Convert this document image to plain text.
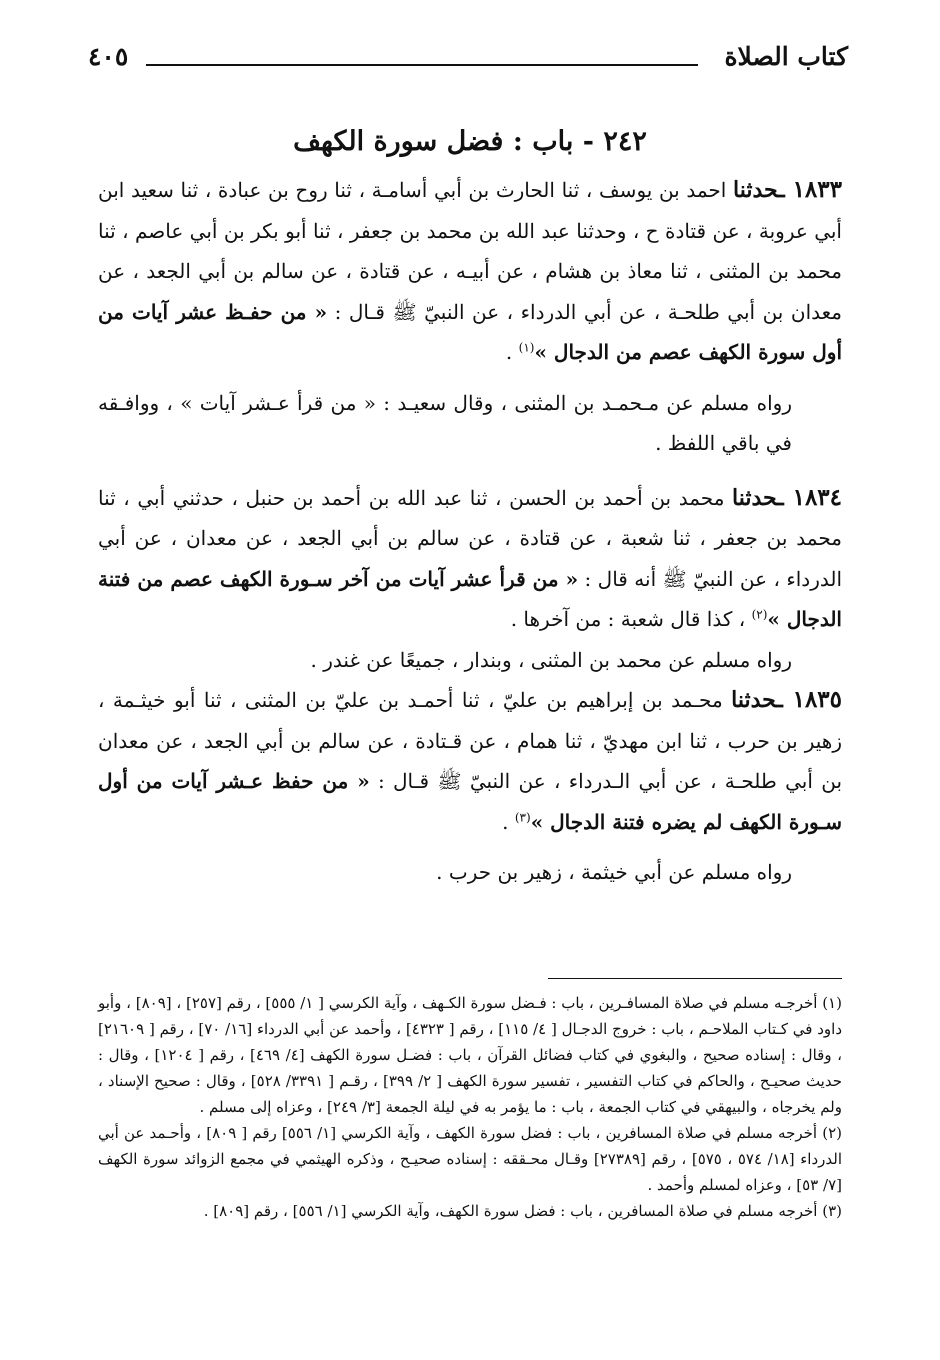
كتاب الصلاة
٤٠٥
٢٤٢ - باب : فضل سورة الكهف

١٨٣٣ ـحدثنا احمد بن يوسف ، ثنا الحارث بن أبي أسامـة ، ثنا روح بن عبادة ، ثنا سعيد ابن أبي عروبة ، عن قتادة ح ، وحدثنا عبد الله بن محمد بن جعفر ، ثنا أبو بكر بن أبي عاصم ، ثنا محمد بن المثنى ، ثنا معاذ بن هشام ، عن أبيـه ، عن قتادة ، عن سالم بن أبي الجعد ، عن معدان بن أبي طلحـة ، عن أبي الدرداء ، عن النبيّ ﷺ قـال : « من حفـظ عشر آيات من أول سورة الكهف عصم من الدجال »$^{(١)}$ .

رواه مسلم عن مـحمـد بن المثنى ، وقال سعيـد : « من قرأ عـشر آيات » ، ووافـقه في باقي اللفظ .

١٨٣٤ ـحدثنا محمد بن أحمد بن الحسن ، ثنا عبد الله بن أحمد بن حنبل ، حدثني أبي ، ثنا محمد بن جعفر ، ثنا شعبة ، عن قتادة ، عن سالم بن أبي الجعد ، عن معدان ، عن أبي الدرداء ، عن النبيّ ﷺ أنه قال : « من قرأ عشر آيات من آخر سـورة الكهف عصم من فتنة الدجال »$^{(٢)}$ ، كذا قال شعبة : من آخرها .

رواه مسلم عن محمد بن المثنى ، وبندار ، جميعًا عن غندر .

١٨٣٥ ـحدثنا محـمد بن إبراهيم بن عليّ ، ثنا أحمـد بن عليّ بن المثنى ، ثنا أبو خيثـمة ، زهير بن حرب ، ثنا ابن مهديّ ، ثنا همام ، عن قـتادة ، عن سالم بن أبي الجعد ، عن معدان بن أبي طلحـة ، عن أبي الـدرداء ، عن النبيّ ﷺ قـال : « من حفظ عـشر آيات من أول سـورة الكهف لم يضره فتنة الدجال »$^{(٣)}$ .

رواه مسلم عن أبي خيثمة ، زهير بن حرب .

(١) أخرجـه مسلم في صلاة المسافـرين ، باب : فـضل سورة الكـهف ، وآية الكرسي [ ١/ ٥٥٥] ، رقم [٢٥٧] ، [٨٠٩] ، وأبو داود في كـتاب الملاحـم ، باب : خروج الدجـال [ ٤/ ١١٥] ، رقم [ ٤٣٢٣] ، وأحمد عن أبي الدرداء [١٦/ ٧٠] ، رقم [ ٢١٦٠٩] ، وقال : إسناده صحيح ، والبغوي في كتاب فضائل القرآن ، باب : فضـل سورة الكهف [٤/ ٤٦٩] ، رقم [ ١٢٠٤] ، وقال : حديث صحيـح ، والحاكم في كتاب التفسير ، تفسير سورة الكهف [ ٢/ ٣٩٩] ، رقـم [ ٣٣٩١/ ٥٢٨] ، وقال : صحيح الإسناد ، ولم يخرجاه ، والبيهقي في كتاب الجمعة ، باب : ما يؤمر به في ليلة الجمعة [٣/ ٢٤٩] ، وعزاه إلى مسلم .

(٢) أخرجه مسلم في صلاة المسافرين ، باب : فضل سورة الكهف ، وآية الكرسي [١/ ٥٥٦] رقم [ ٨٠٩] ، وأحـمد عن أبي الدرداء [١٨/ ٥٧٤ ، ٥٧٥] ، رقم [٢٧٣٨٩] وقـال محـققه : إسناده صحيـح ، وذكره الهيثمي في مجمع الزوائد سورة الكهف [٧/ ٥٣] ، وعزاه لمسلم وأحمد .

(٣) أخرجه مسلم في صلاة المسافرين ، باب : فضل سورة الكهف، وآية الكرسي [١/ ٥٥٦] ، رقم [٨٠٩] .
